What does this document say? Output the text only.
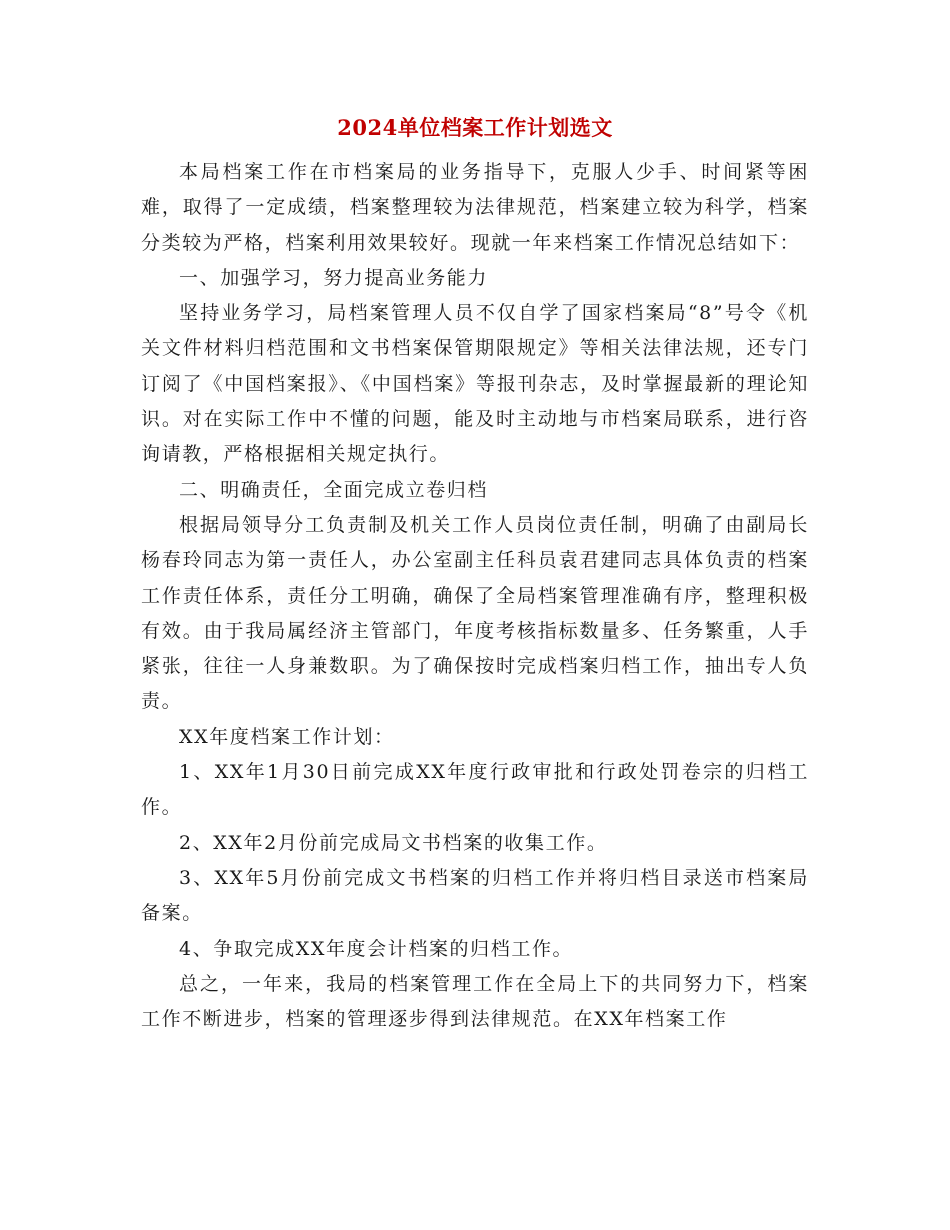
2024单位档案工作计划选文

本局档案工作在市档案局的业务指导下，克服人少手、时间紧等困难，取得了一定成绩，档案整理较为法律规范，档案建立较为科学，档案分类较为严格，档案利用效果较好。现就一年来档案工作情况总结如下：

一、加强学习，努力提高业务能力

坚持业务学习，局档案管理人员不仅自学了国家档案局“8”号令《机关文件材料归档范围和文书档案保管期限规定》等相关法律法规，还专门订阅了《中国档案报》、《中国档案》等报刊杂志，及时掌握最新的理论知识。对在实际工作中不懂的问题，能及时主动地与市档案局联系，进行咨询请教，严格根据相关规定执行。

二、明确责任，全面完成立卷归档

根据局领导分工负责制及机关工作人员岗位责任制，明确了由副局长杨春玲同志为第一责任人，办公室副主任科员袁君建同志具体负责的档案工作责任体系，责任分工明确，确保了全局档案管理准确有序，整理积极有效。由于我局属经济主管部门，年度考核指标数量多、任务繁重，人手紧张，往往一人身兼数职。为了确保按时完成档案归档工作，抽出专人负责。

XX年度档案工作计划：

1、XX年1月30日前完成XX年度行政审批和行政处罚卷宗的归档工作。

2、XX年2月份前完成局文书档案的收集工作。

3、XX年5月份前完成文书档案的归档工作并将归档目录送市档案局备案。

4、争取完成XX年度会计档案的归档工作。

总之，一年来，我局的档案管理工作在全局上下的共同努力下，档案工作不断进步，档案的管理逐步得到法律规范。在XX年档案工作
